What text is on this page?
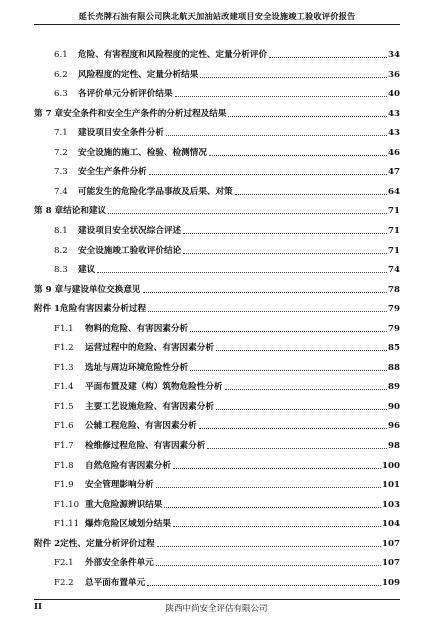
延长壳牌石油有限公司陕北航天加油站改建项目安全设施竣工验收评价报告
6.1	危险、有害程度和风险程度的定性、定量分析评价	34
6.2	风险程度的定性、定量分析结果	36
6.3	各评价单元分析评价结果	40
第 7 章 安全条件和安全生产条件的分析过程及结果	43
7.1	建设项目安全条件分析	43
7.2	安全设施的施工、检验、检测情况	46
7.3	安全生产条件分析	47
7.4	可能发生的危险化学品事故及后果、对策	64
第 8 章 结论和建议	71
8.1	建设项目安全状况综合评述	71
8.2	安全设施竣工验收评价结论	71
8.3	建议	74
第 9 章 与建设单位交换意见	78
附件 1 危险有害因素分析过程	79
F1.1	物料的危险、有害因素分析	79
F1.2	运营过程中的危险、有害因素分析	85
F1.3	选址与周边环境危险性分析	88
F1.4	平面布置及建（构）筑物危险性分析	89
F1.5	主要工艺设施危险、有害因素分析	90
F1.6	公辅工程危险、有害因素分析	96
F1.7	检维修过程危险、有害因素分析	98
F1.8	自然危险有害因素分析	100
F1.9	安全管理影响分析	101
F1.10 重大危险源辨识结果	103
F1.11 爆炸危险区域划分结果	104
附件 2 定性、定量分析评价过程	107
F2.1	外部安全条件单元	107
F2.2	总平面布置单元	109
II	陕西中尚安全评估有限公司
